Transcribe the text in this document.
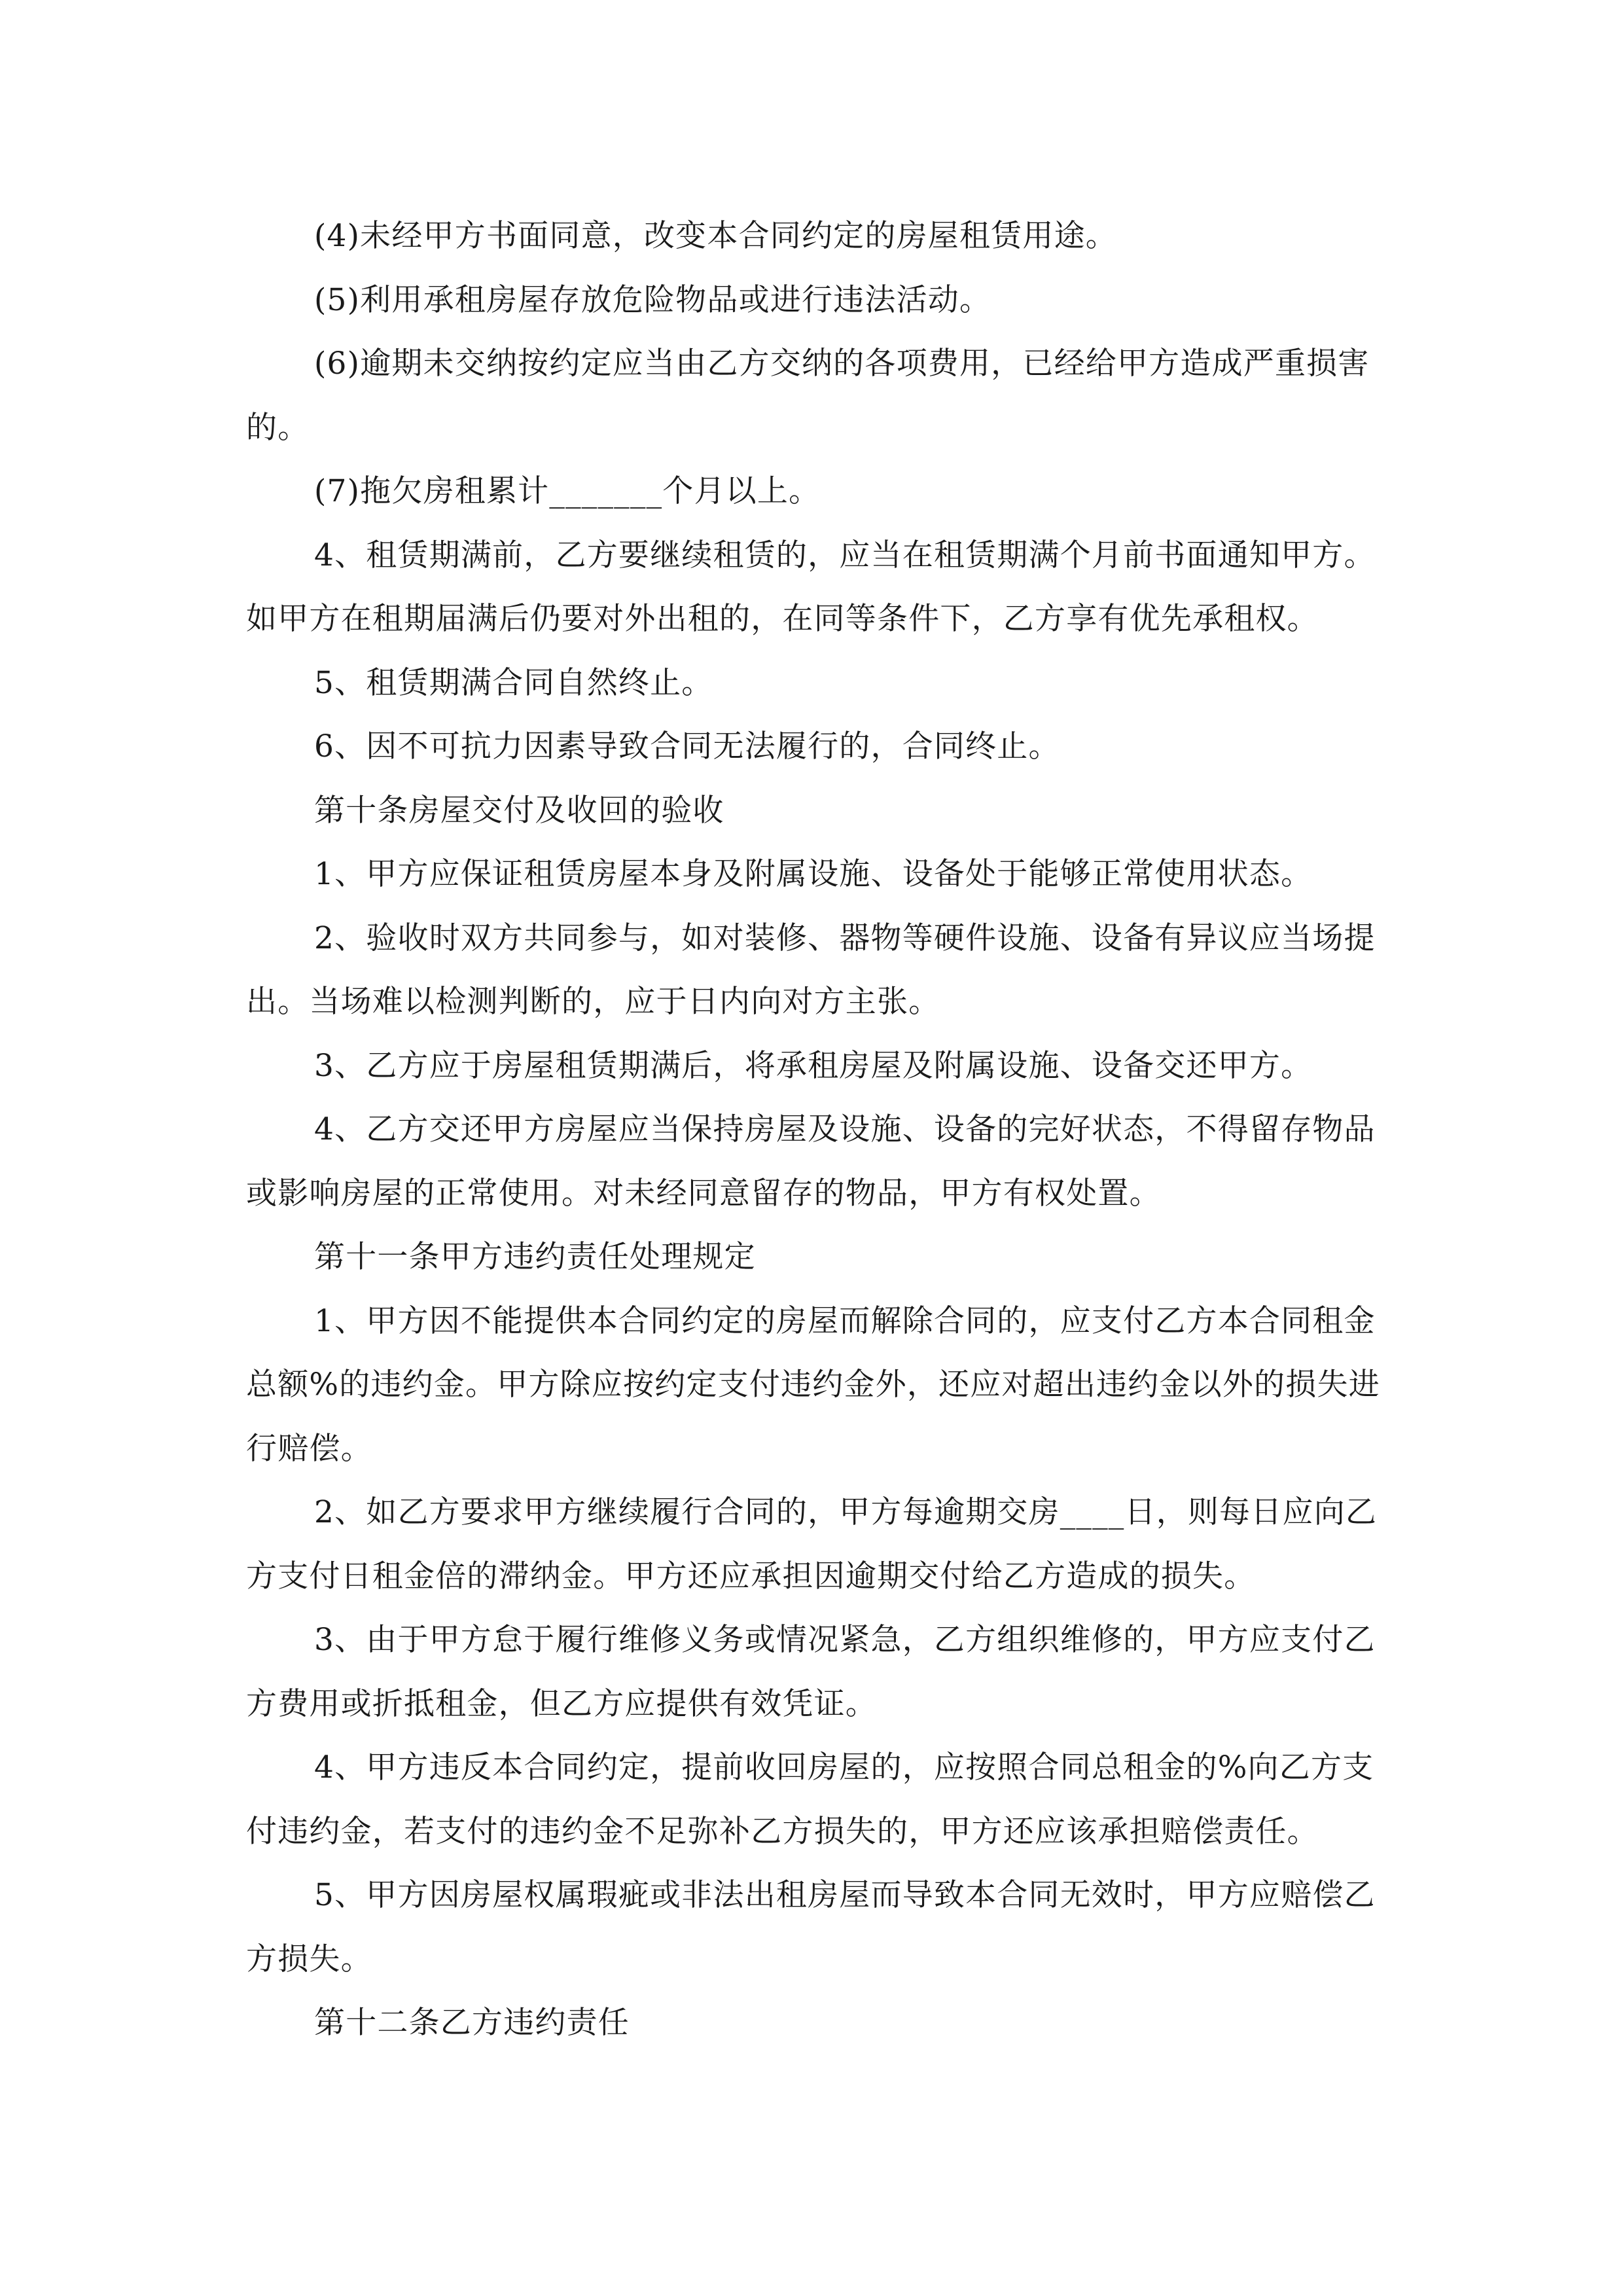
(4)未经甲方书面同意，改变本合同约定的房屋租赁用途。

(5)利用承租房屋存放危险物品或进行违法活动。

(6)逾期未交纳按约定应当由乙方交纳的各项费用，已经给甲方造成严重损害的。

(7)拖欠房租累计_______个月以上。

4、租赁期满前，乙方要继续租赁的，应当在租赁期满个月前书面通知甲方。如甲方在租期届满后仍要对外出租的，在同等条件下，乙方享有优先承租权。

5、租赁期满合同自然终止。

6、因不可抗力因素导致合同无法履行的，合同终止。

第十条房屋交付及收回的验收

1、甲方应保证租赁房屋本身及附属设施、设备处于能够正常使用状态。

2、验收时双方共同参与，如对装修、器物等硬件设施、设备有异议应当场提出。当场难以检测判断的，应于日内向对方主张。

3、乙方应于房屋租赁期满后，将承租房屋及附属设施、设备交还甲方。

4、乙方交还甲方房屋应当保持房屋及设施、设备的完好状态，不得留存物品或影响房屋的正常使用。对未经同意留存的物品，甲方有权处置。

第十一条甲方违约责任处理规定

1、甲方因不能提供本合同约定的房屋而解除合同的，应支付乙方本合同租金总额%的违约金。甲方除应按约定支付违约金外，还应对超出违约金以外的损失进行赔偿。

2、如乙方要求甲方继续履行合同的，甲方每逾期交房____日，则每日应向乙方支付日租金倍的滞纳金。甲方还应承担因逾期交付给乙方造成的损失。

3、由于甲方怠于履行维修义务或情况紧急，乙方组织维修的，甲方应支付乙方费用或折抵租金，但乙方应提供有效凭证。

4、甲方违反本合同约定，提前收回房屋的，应按照合同总租金的%向乙方支付违约金，若支付的违约金不足弥补乙方损失的，甲方还应该承担赔偿责任。

5、甲方因房屋权属瑕疵或非法出租房屋而导致本合同无效时，甲方应赔偿乙方损失。

第十二条乙方违约责任
